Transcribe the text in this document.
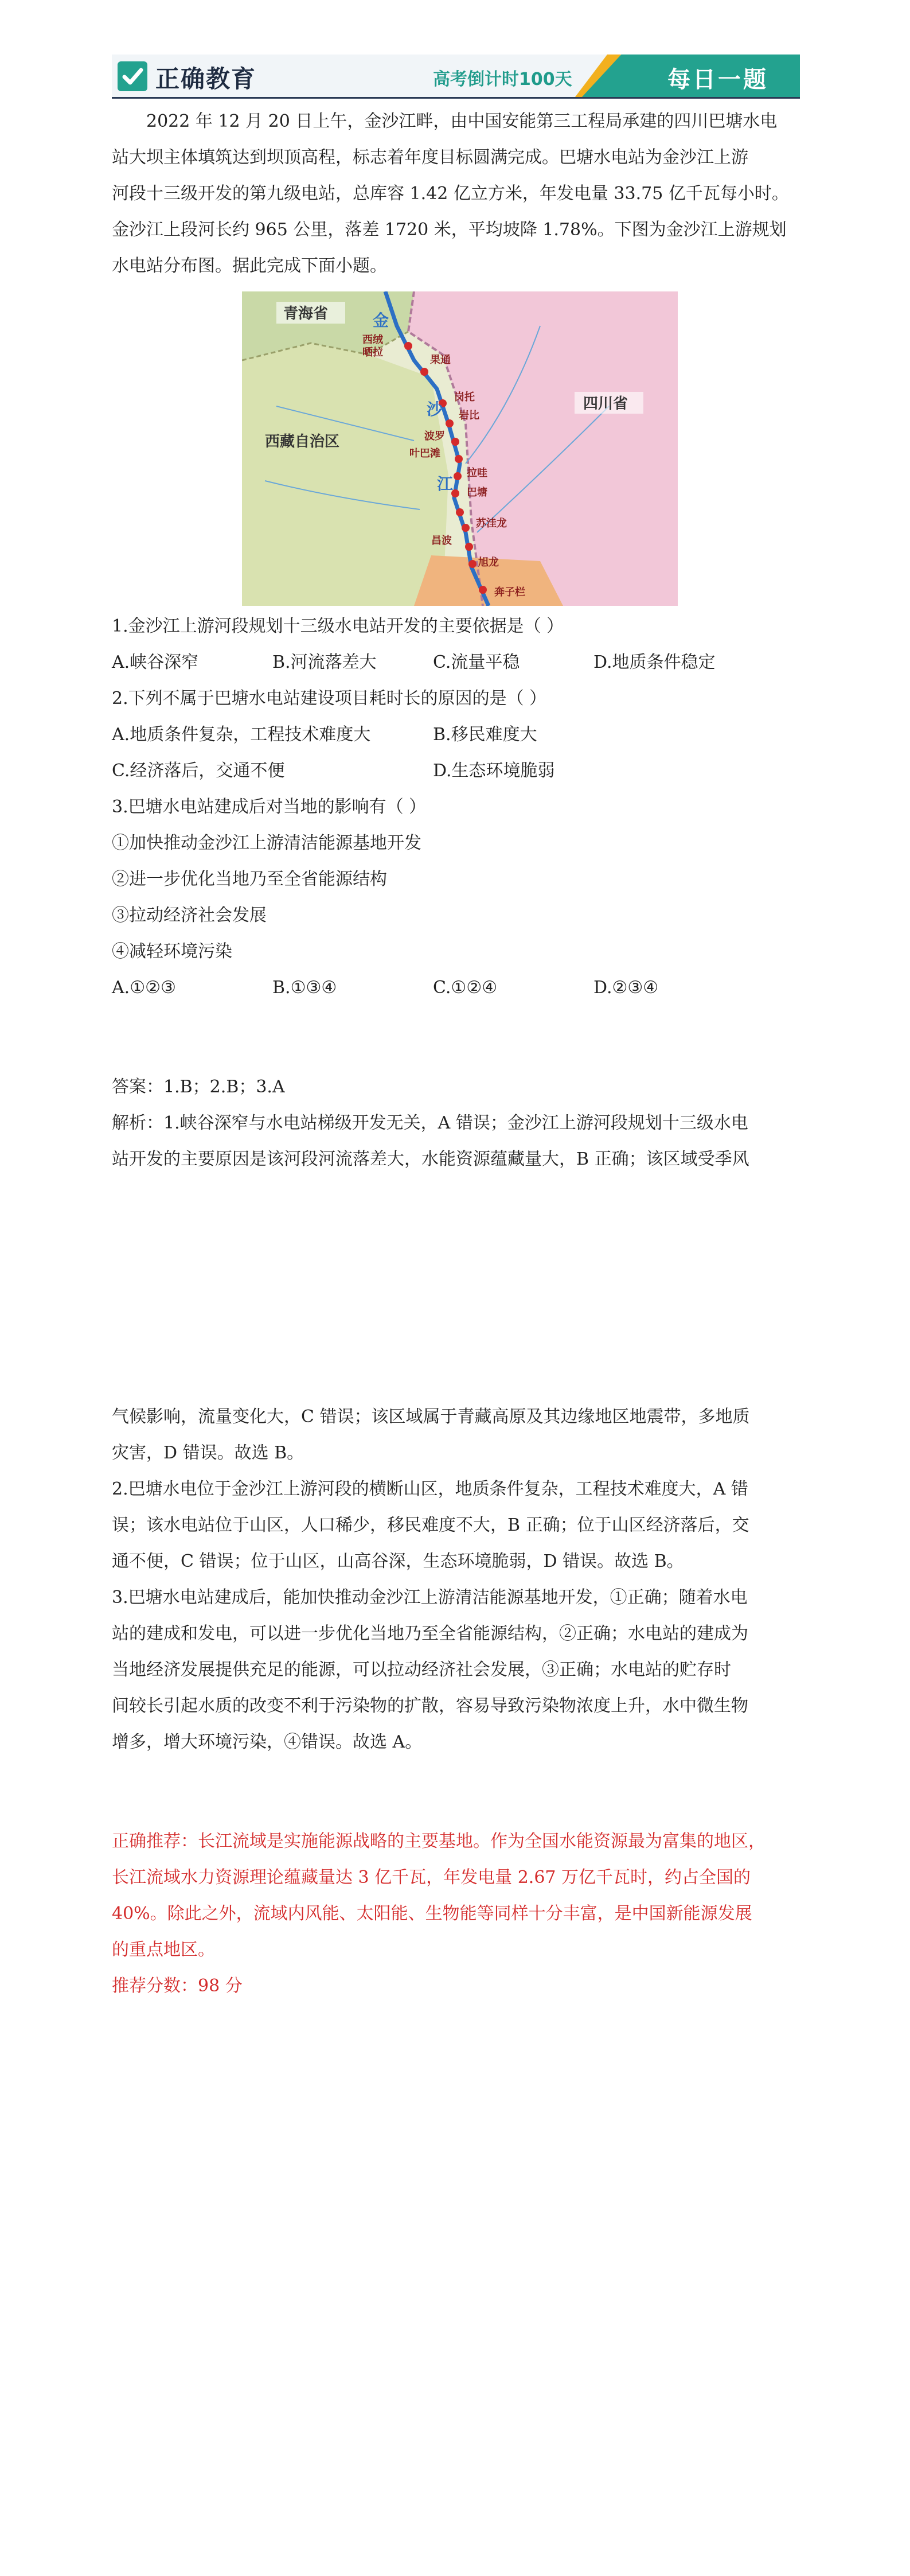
正确教育	高考倒计时100天	每日一题
2022 年 12 月 20 日上午，金沙江畔，由中国安能第三工程局承建的四川巴塘水电
站大坝主体填筑达到坝顶高程，标志着年度目标圆满完成。巴塘水电站为金沙江上游
河段十三级开发的第九级电站，总库容 1.42 亿立方米，年发电量 33.75 亿千瓦每小时。
金沙江上段河长约 965 公里，落差 1720 米，平均坡降 1.78%。下图为金沙江上游规划
水电站分布图。据此完成下面小题。
青海省
西藏自治区
四川省
金
沙
江
西绒
晒拉
果通
岗托
岩比
波罗
叶巴滩
拉哇
巴塘
苏洼龙
昌波
旭龙
奔子栏
1.金沙江上游河段规划十三级水电站开发的主要依据是（ ）
A.峡谷深窄	B.河流落差大	C.流量平稳	D.地质条件稳定
2.下列不属于巴塘水电站建设项目耗时长的原因的是（ ）
A.地质条件复杂，工程技术难度大	B.移民难度大
C.经济落后，交通不便	D.生态环境脆弱
3.巴塘水电站建成后对当地的影响有（ ）
①加快推动金沙江上游清洁能源基地开发
②进一步优化当地乃至全省能源结构
③拉动经济社会发展
④减轻环境污染
A.①②③	B.①③④	C.①②④	D.②③④
答案：1.B；2.B；3.A
解析：1.峡谷深窄与水电站梯级开发无关，A 错误；金沙江上游河段规划十三级水电
站开发的主要原因是该河段河流落差大，水能资源蕴藏量大，B 正确；该区域受季风
气候影响，流量变化大，C 错误；该区域属于青藏高原及其边缘地区地震带，多地质
灾害，D 错误。故选 B。
2.巴塘水电位于金沙江上游河段的横断山区，地质条件复杂，工程技术难度大，A 错
误；该水电站位于山区，人口稀少，移民难度不大，B 正确；位于山区经济落后，交
通不便，C 错误；位于山区，山高谷深，生态环境脆弱，D 错误。故选 B。
3.巴塘水电站建成后，能加快推动金沙江上游清洁能源基地开发，①正确；随着水电
站的建成和发电，可以进一步优化当地乃至全省能源结构，②正确；水电站的建成为
当地经济发展提供充足的能源，可以拉动经济社会发展，③正确；水电站的贮存时
间较长引起水质的改变不利于污染物的扩散，容易导致污染物浓度上升，水中微生物
增多，增大环境污染，④错误。故选 A。
正确推荐：长江流域是实施能源战略的主要基地。作为全国水能资源最为富集的地区，
长江流域水力资源理论蕴藏量达 3 亿千瓦，年发电量 2.67 万亿千瓦时，约占全国的
40%。除此之外，流域内风能、太阳能、生物能等同样十分丰富，是中国新能源发展
的重点地区。
推荐分数：98 分
